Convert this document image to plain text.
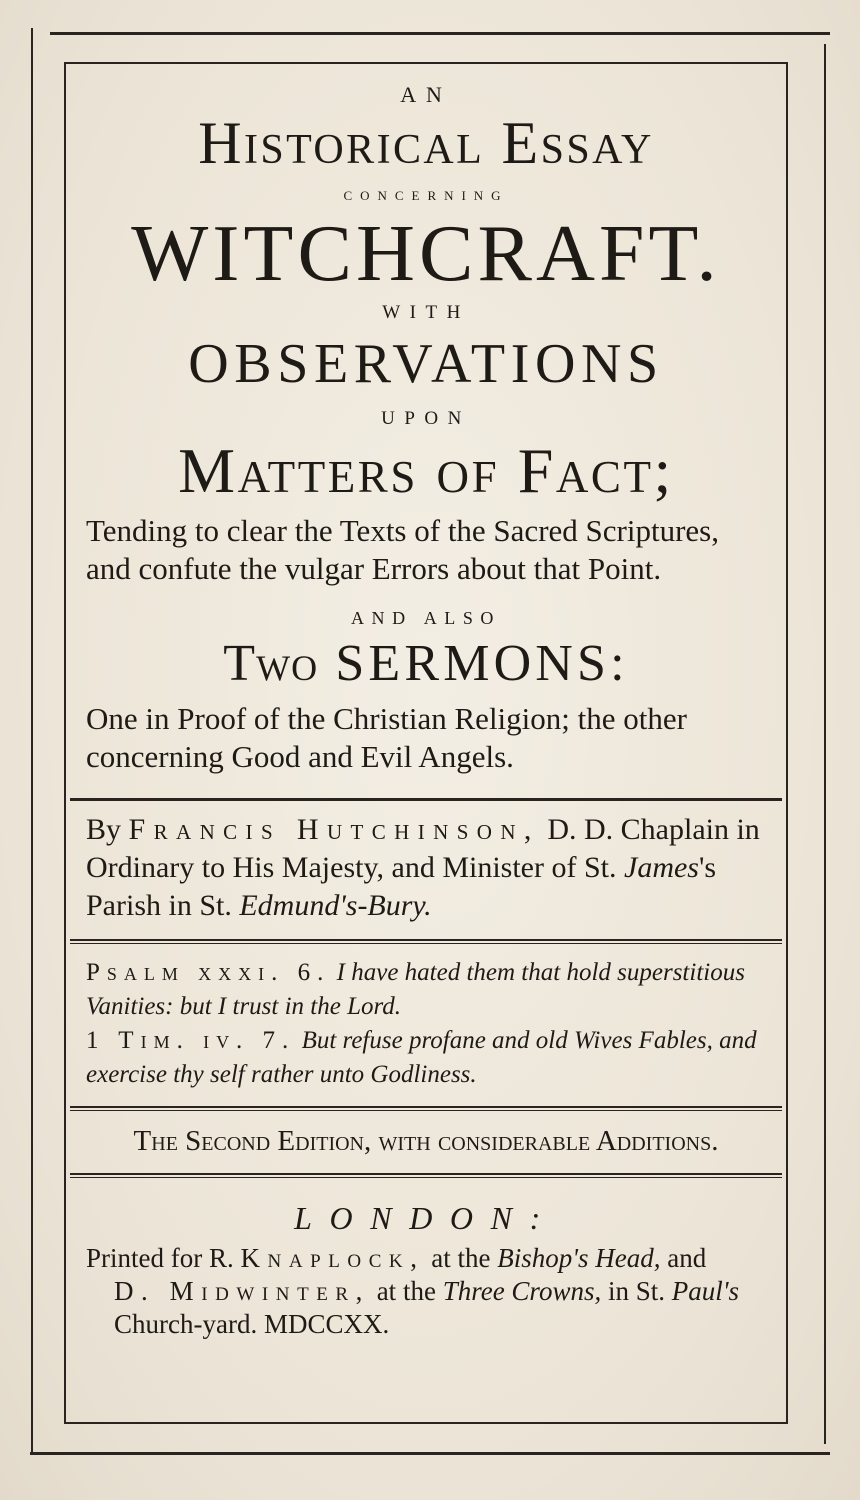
AN
Historical Essay
concerning
WITCHCRAFT.
WITH
OBSERVATIONS
UPON
Matters of Fact;
Tending to clear the Texts of the Sacred Scriptures, and confute the vulgar Errors about that Point.
AND ALSO
Two SERMONS:
One in Proof of the Christian Religion; the other concerning Good and Evil Angels.
By Francis Hutchinson, D. D. Chaplain in Ordinary to His Majesty, and Minister of St. James's Parish in St. Edmund's-Bury.
Psalm xxxi. 6. I have hated them that hold superstitious Vanities: but I trust in the Lord.
1 Tim. iv. 7. But refuse profane and old Wives Fables, and exercise thy self rather unto Godliness.
The Second Edition, with considerable Additions.
LONDON:
Printed for R. Knaplock, at the Bishop's Head, and
D. Midwinter, at the Three Crowns, in St. Paul's
Church-yard. MDCCXX.
